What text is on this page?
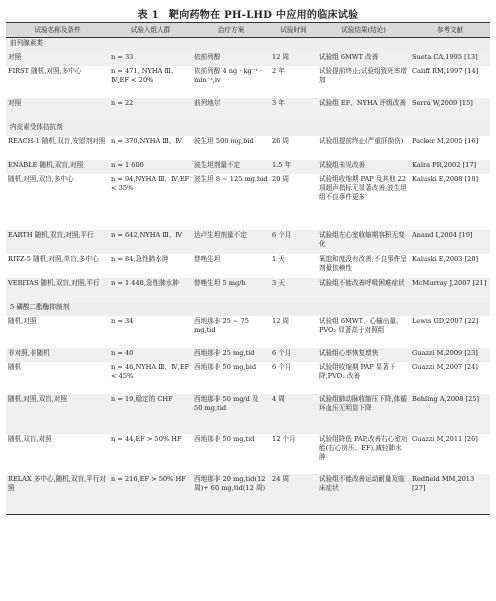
表 1 靶向药物在 PH-LHD 中应用的临床试验
试验名称及条件	试验入组人群	治疗方案	试验时间	试验结果(结论)	参考文献
前列腺素类					
对照	n = 33	依前列醇	12 周	试验组 6MWT 改善	Sueta CA,1995 [13]
FIRST 随机,对照,多中心	n = 471, NYHA Ⅲ、Ⅳ,EF < 20%	依前列醇 4 ng · kg⁻¹ · min⁻¹,iv	2 年	试验提前终止;试验组致死率增加	Califf RM,1997 [14]
对照	n = 22	前列地尔	3 年	试验组 EF、NYHA 评级改善	Serra W,2009 [15]
内皮素受体拮抗剂					
REACH-1 随机,双盲,安慰剂对照	n = 370,NYHA Ⅲ、Ⅳ	波生坦 500 mg,bid	26 周	试验组提前终止(严重肝损伤)	Packer M,2005 [16]
ENABLE 随机,双盲,对照	n = 1 600	波生坦剂量不定	1.5 年	试验组未见改善	Kalra PR,2002 [17]
随机,对照,双盲,多中心	n = 94,NYHA Ⅲ、Ⅳ,EF < 35%	波生坦 8 ~ 125 mg,bid	20 周	试验组收缩期 PAP 及其他 22 项超声指标无显著改善,波生坦组不良事件更多	Kaluski E,2008 [18]
EARTH 随机,双盲,对照,平行	n = 642,NYHA Ⅲ、Ⅳ	达卢生坦剂量不定	6 个月	试验组左心室收缩期容积无变化	Anand I,2004 [19]
RITZ-5 随机,对照,单盲,多中心	n = 84,急性肺水肿	替唑生坦	1 天	氧饱和度没有改善,不良事件呈剂量依赖性	Kaluski E,2003 [20]
VERITAS 随机,双盲,对照,平行	n = 1 448,急性肺水肿	替唑生坦 5 mg/h	3 天	试验组不能改善呼吸困难症状	McMurray J,2007 [21]
5 磷酸二酯酶抑制剂					
随机,对照	n = 34	西地那非 25 ~ 75 mg,tid	12 周	试验组 6MWT、心输出量、PVO₂ 显著高于对照组	Lewis GD,2007 [22]
非对照,非随机	n = 40	西地那非 25 mg,tid	6 个月	试验组心率恢复增快	Guazzi M,2009 [23]
随机	n = 46,NYHA Ⅲ、Ⅳ,EF < 45%	西地那非 50 mg,bid	6 个月	试验组收缩期 PAP 显著下降,PVO₂ 改善	Guazzi M,2007 [24]
随机,对照,双盲,对照	n = 19,稳定的 CHF	西地那非 50 mg/d 及 50 mg,tid	4 周	试验组肺动脉收缩压下降,体循环血压无明显下降	Behling A,2008 [25]
随机,双盲,对照	n = 44,EF > 50% HF	西地那非 50 mg,tid	12 个月	试验组降低 PAP,改善右心室功能(右心房压、EF),减轻肺水肿	Guazzi M,2011 [26]
RELAX 多中心,随机,双盲,平行对照	n = 216,EF > 50% HF	西地那非 20 mg,tid(12 周)+ 60 mg,tid(12 周)	24 周	试验组不能改善运动耐量及临床症状	Redfield MM,2013 [27]
